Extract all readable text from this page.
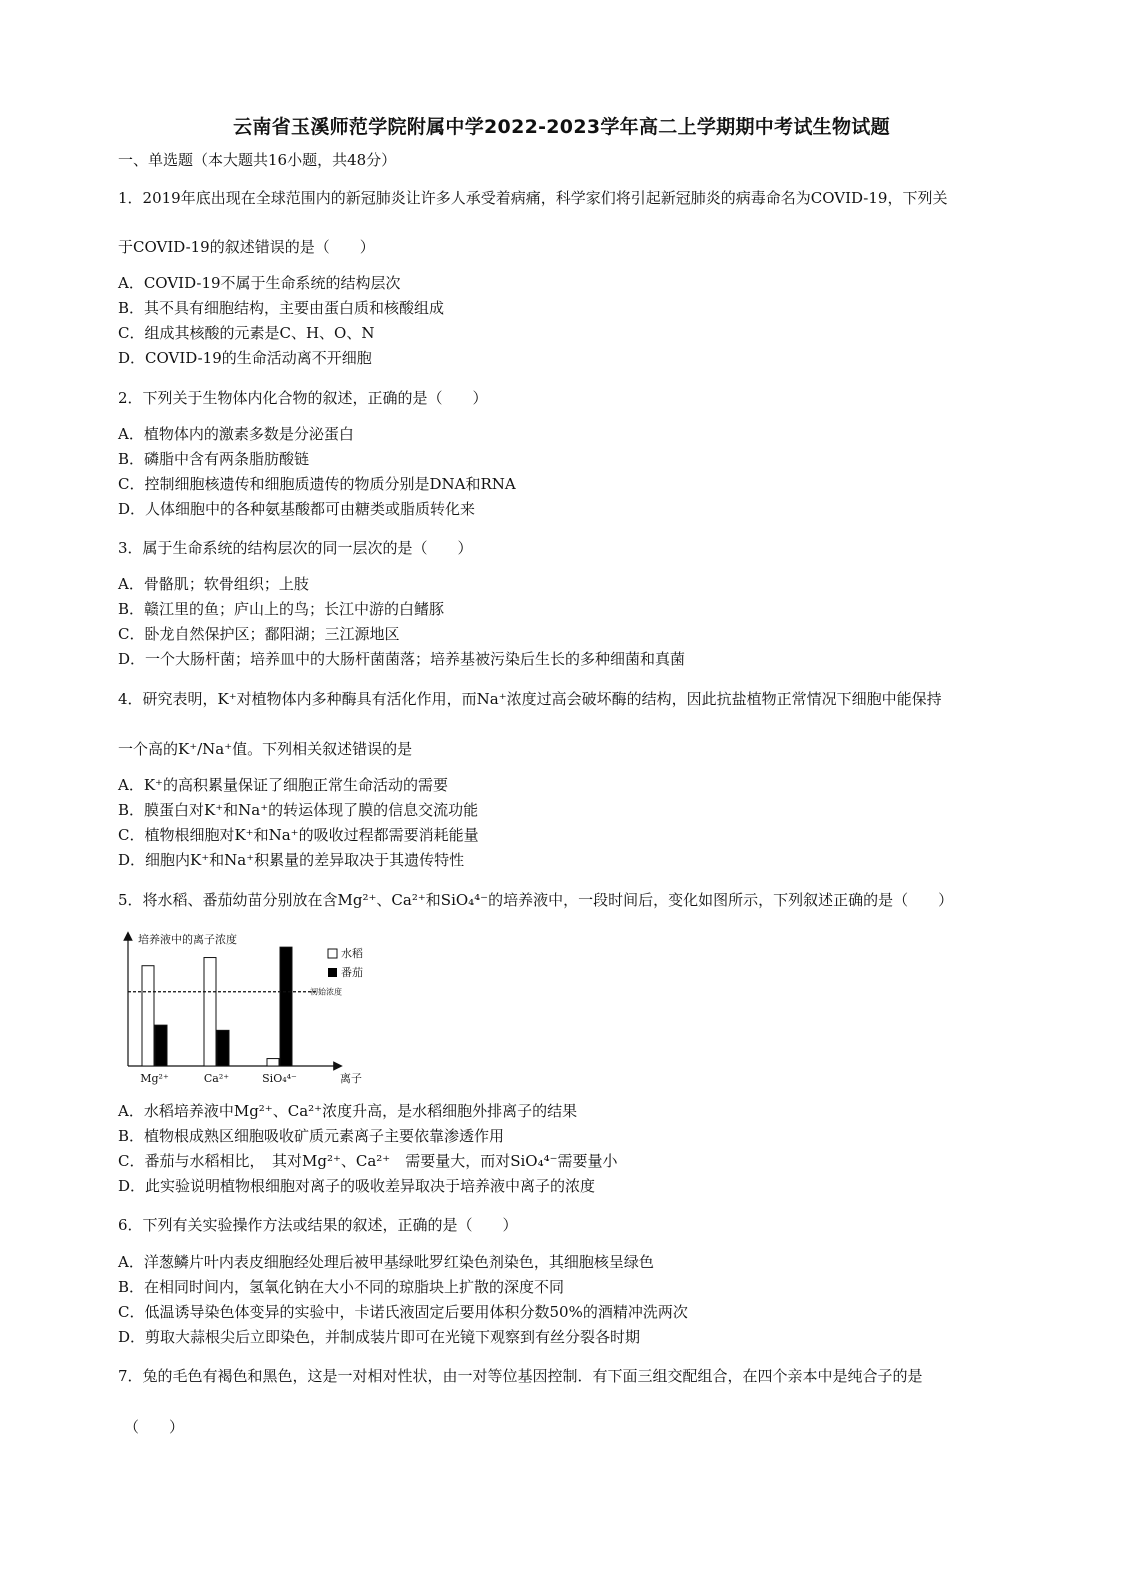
云南省玉溪师范学院附属中学2022-2023学年高二上学期期中考试生物试题
一、单选题（本大题共16小题，共48分）
1．2019年底出现在全球范围内的新冠肺炎让许多人承受着病痛，科学家们将引起新冠肺炎的病毒命名为COVID-19，下列关
于COVID-19的叙述错误的是（　　）
A．COVID-19不属于生命系统的结构层次
B．其不具有细胞结构，主要由蛋白质和核酸组成
C．组成其核酸的元素是C、H、O、N
D．COVID-19的生命活动离不开细胞
2．下列关于生物体内化合物的叙述，正确的是（　　）
A．植物体内的激素多数是分泌蛋白
B．磷脂中含有两条脂肪酸链
C．控制细胞核遗传和细胞质遗传的物质分别是DNA和RNA
D．人体细胞中的各种氨基酸都可由糖类或脂质转化来
3．属于生命系统的结构层次的同一层次的是（　　）
A．骨骼肌；软骨组织；上肢
B．赣江里的鱼；庐山上的鸟；长江中游的白鳍豚
C．卧龙自然保护区；鄱阳湖；三江源地区
D．一个大肠杆菌；培养皿中的大肠杆菌菌落；培养基被污染后生长的多种细菌和真菌
4．研究表明，K⁺对植物体内多种酶具有活化作用，而Na⁺浓度过高会破坏酶的结构，因此抗盐植物正常情况下细胞中能保持
一个高的K⁺/Na⁺值。下列相关叙述错误的是
A．K⁺的高积累量保证了细胞正常生命活动的需要
B．膜蛋白对K⁺和Na⁺的转运体现了膜的信息交流功能
C．植物根细胞对K⁺和Na⁺的吸收过程都需要消耗能量
D．细胞内K⁺和Na⁺积累量的差异取决于其遗传特性
5．将水稻、番茄幼苗分别放在含Mg²⁺、Ca²⁺和SiO₄⁴⁻的培养液中，一段时间后，变化如图所示，下列叙述正确的是（　　）
培养液中的离子浓度
离子
Mg²⁺	Ca²⁺	SiO₄⁴⁻
初始浓度
水稻
番茄
A．水稻培养液中Mg²⁺、Ca²⁺浓度升高，是水稻细胞外排离子的结果
B．植物根成熟区细胞吸收矿质元素离子主要依靠渗透作用
C．番茄与水稻相比，　其对Mg²⁺、Ca²⁺　需要量大，而对SiO₄⁴⁻需要量小
D．此实验说明植物根细胞对离子的吸收差异取决于培养液中离子的浓度
6．下列有关实验操作方法或结果的叙述，正确的是（　　）
A．洋葱鳞片叶内表皮细胞经处理后被甲基绿吡罗红染色剂染色，其细胞核呈绿色
B．在相同时间内，氢氧化钠在大小不同的琼脂块上扩散的深度不同
C．低温诱导染色体变异的实验中，卡诺氏液固定后要用体积分数50%的酒精冲洗两次
D．剪取大蒜根尖后立即染色，并制成装片即可在光镜下观察到有丝分裂各时期
7．兔的毛色有褐色和黑色，这是一对相对性状，由一对等位基因控制．有下面三组交配组合，在四个亲本中是纯合子的是
（　　）
